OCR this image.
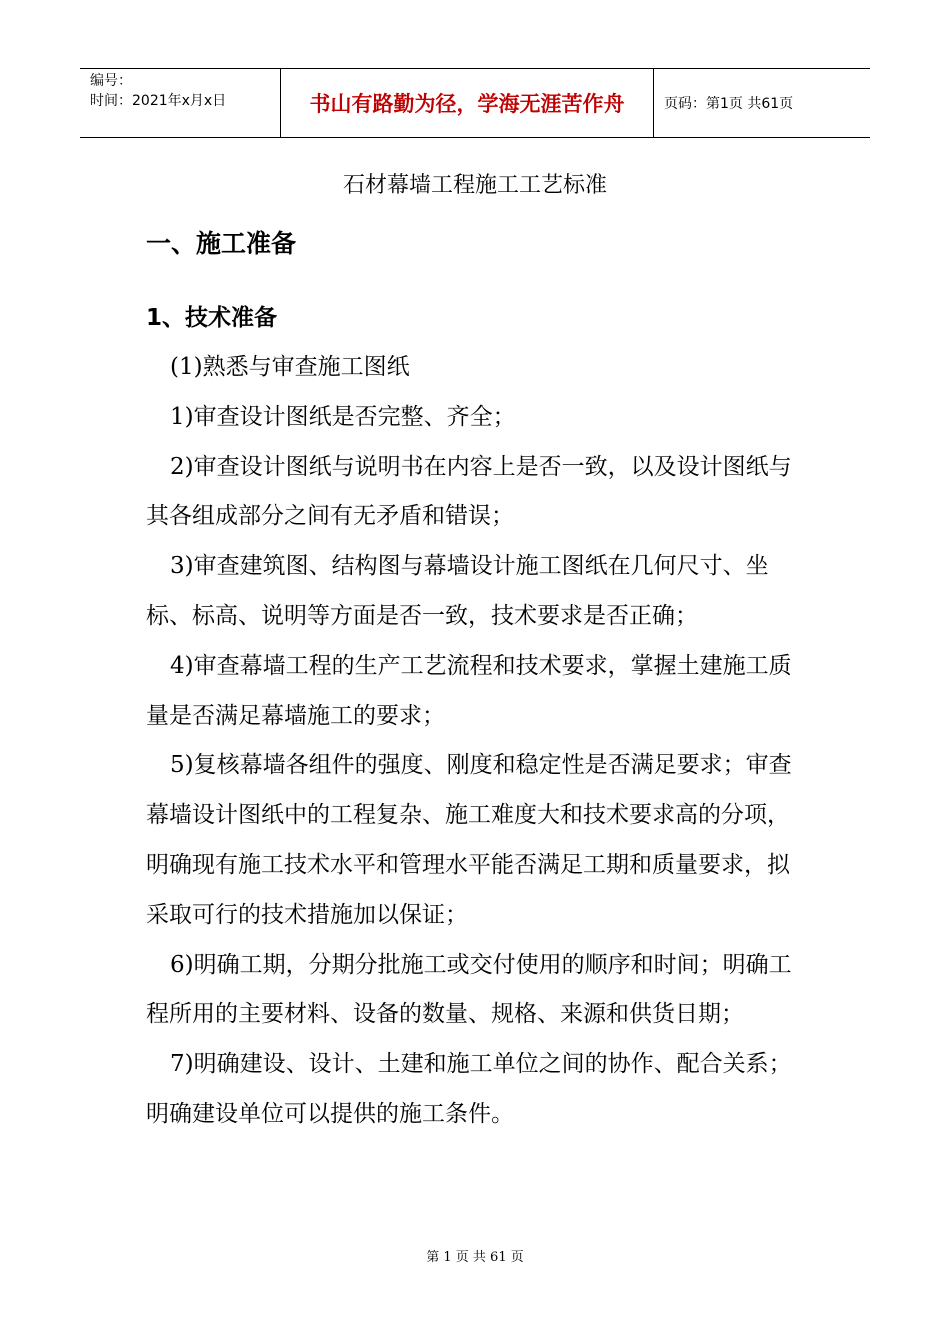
编号：
时间：2021年x月x日	书山有路勤为径，学海无涯苦作舟	页码：第1页 共61页
石材幕墙工程施工工艺标准
一、施工准备
1、技术准备

(1)熟悉与审查施工图纸

1)审查设计图纸是否完整、齐全；

2)审查设计图纸与说明书在内容上是否一致，以及设计图纸与其各组成部分之间有无矛盾和错误；

3)审查建筑图、结构图与幕墙设计施工图纸在几何尺寸、坐标、标高、说明等方面是否一致，技术要求是否正确；

4)审查幕墙工程的生产工艺流程和技术要求，掌握土建施工质量是否满足幕墙施工的要求；

5)复核幕墙各组件的强度、刚度和稳定性是否满足要求；审查幕墙设计图纸中的工程复杂、施工难度大和技术要求高的分项，明确现有施工技术水平和管理水平能否满足工期和质量要求，拟采取可行的技术措施加以保证；

6)明确工期，分期分批施工或交付使用的顺序和时间；明确工程所用的主要材料、设备的数量、规格、来源和供货日期；

7)明确建设、设计、土建和施工单位之间的协作、配合关系；明确建设单位可以提供的施工条件。

第 1 页 共 61 页
